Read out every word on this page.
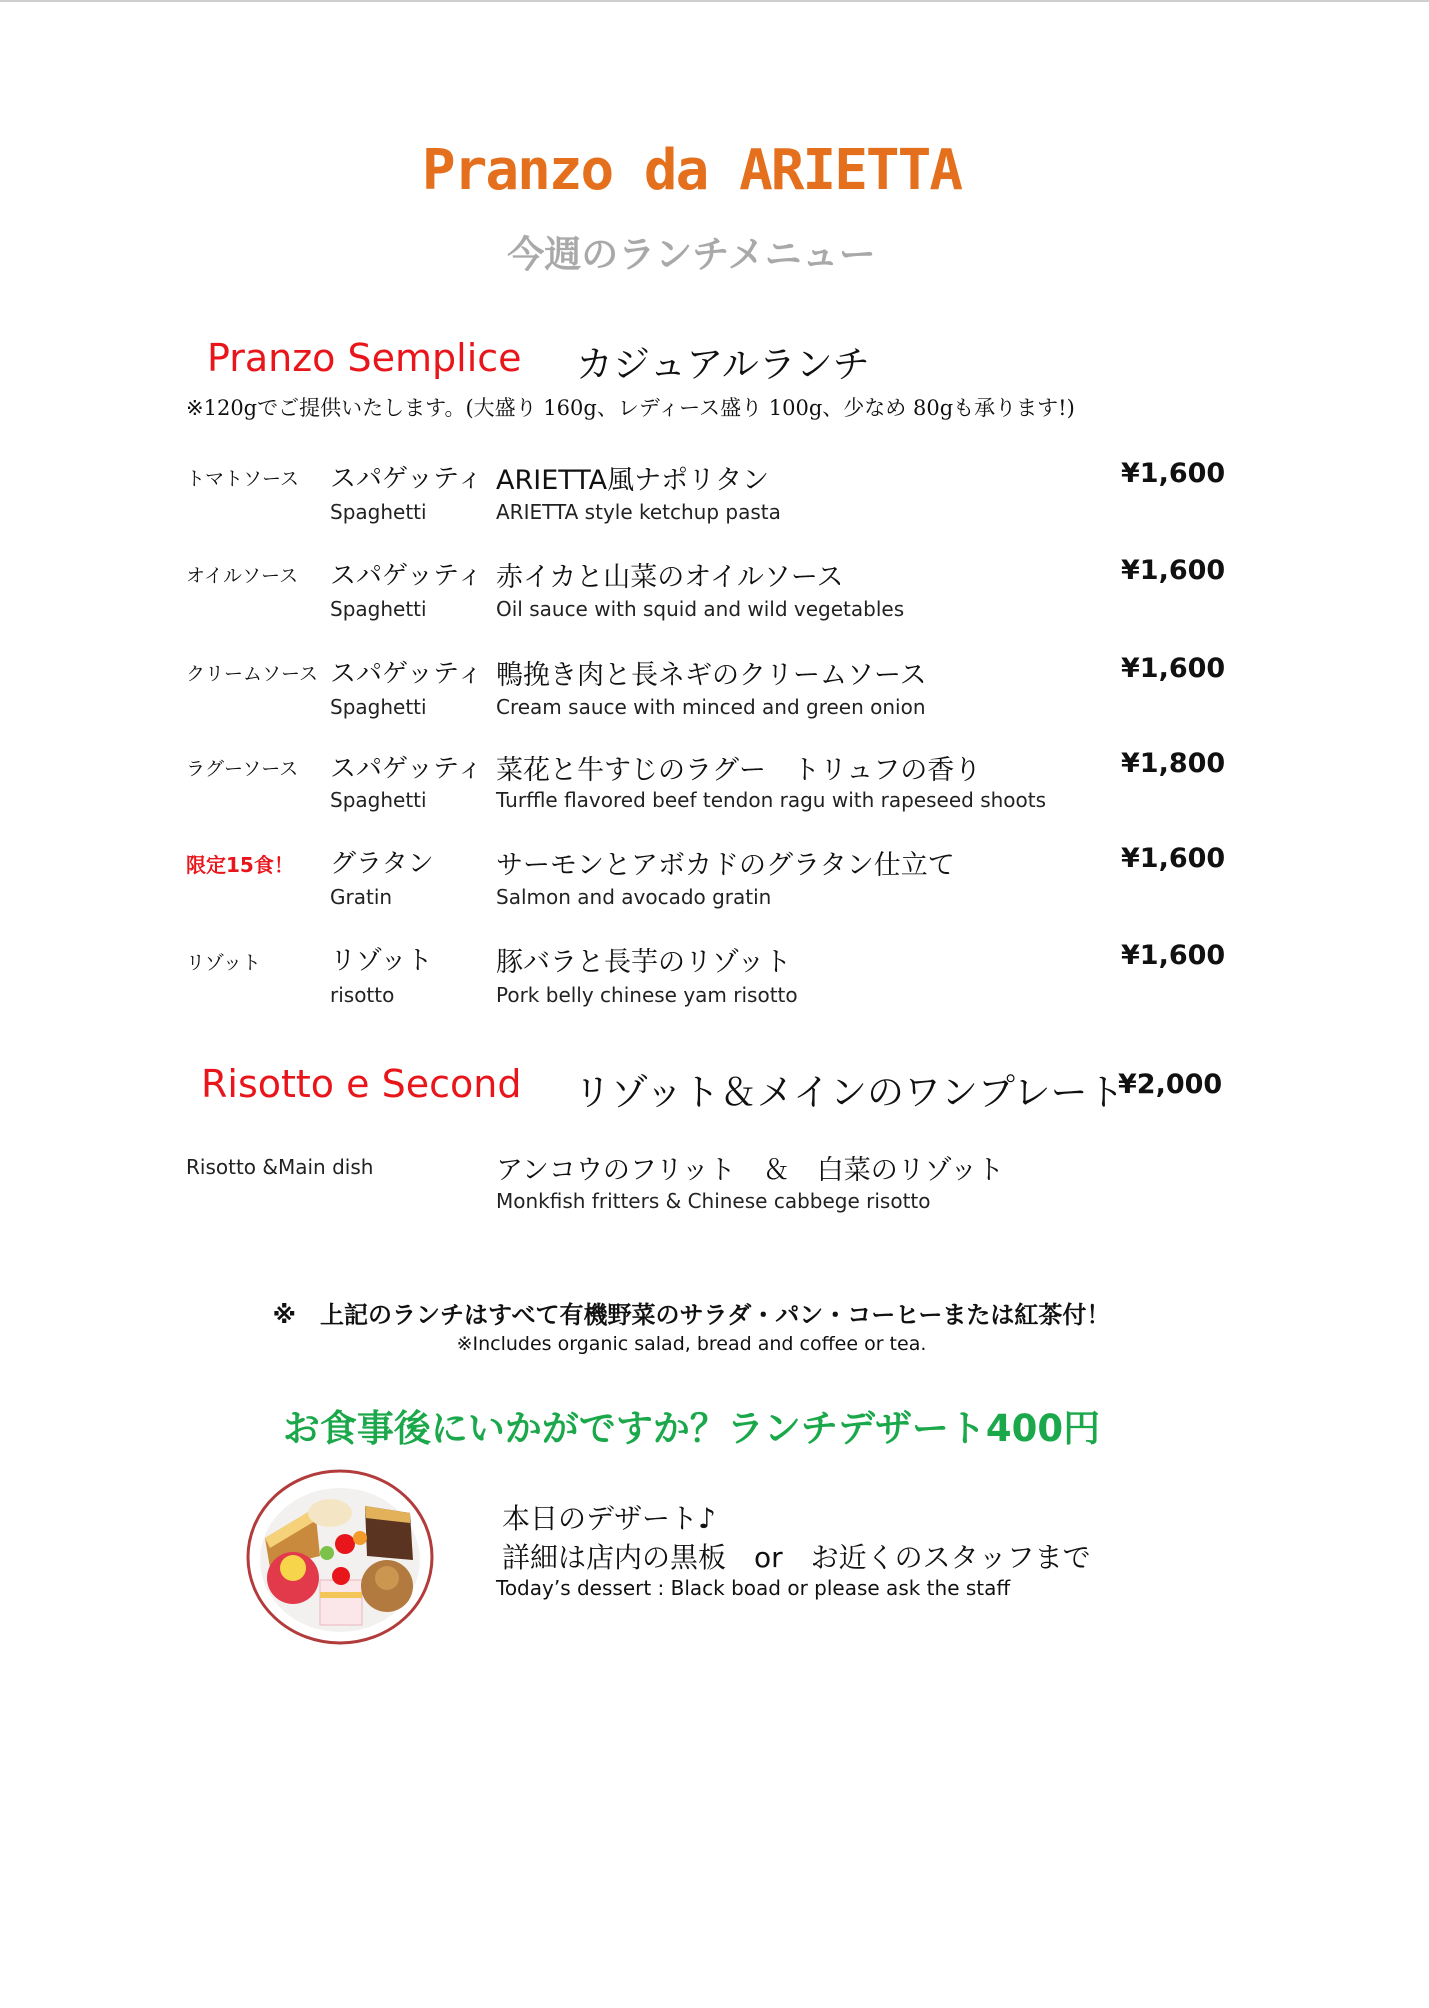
Pranzo da ARIETTA
今週のランチメニュー
Pranzo Semplice カジュアルランチ
※120gでご提供いたします。(大盛り 160g、レディース盛り 100g、少なめ 80gも承ります!)
トマトソース スパゲッティ
Spaghetti
ARIETTA風ナポリタン
ARIETTA style ketchup pasta
¥1,600
オイルソース スパゲッティ
Spaghetti
赤イカと山菜のオイルソース
Oil sauce with squid and wild vegetables
¥1,600
クリームソース スパゲッティ
Spaghetti
鴨挽き肉と長ネギのクリームソース
Cream sauce with minced and green onion
¥1,600
ラグーソース スパゲッティ
Spaghetti
菜花と牛すじのラグー　トリュフの香り
Turffle flavored beef tendon ragu with rapeseed shoots
¥1,800
限定15食！ グラタン
Gratin
サーモンとアボカドのグラタン仕立て
Salmon and avocado gratin
¥1,600
リゾット	リゾット
risotto
豚バラと長芋のリゾット
Pork belly chinese yam risotto
¥1,600
Risotto e Second リゾット＆メインのワンプレート
¥2,000
Risotto &Main dish	アンコウのフリット　＆　白菜のリゾット
Monkfish fritters & Chinese cabbege risotto
※　上記のランチはすべて有機野菜のサラダ・パン・コーヒーまたは紅茶付！
※Includes organic salad, bread and coffee or tea.
お食事後にいかがですか？ランチデザート400円
本日のデザート♪
詳細は店内の黒板　or　お近くのスタッフまで
Today’s dessert : Black boad or please ask the staff
